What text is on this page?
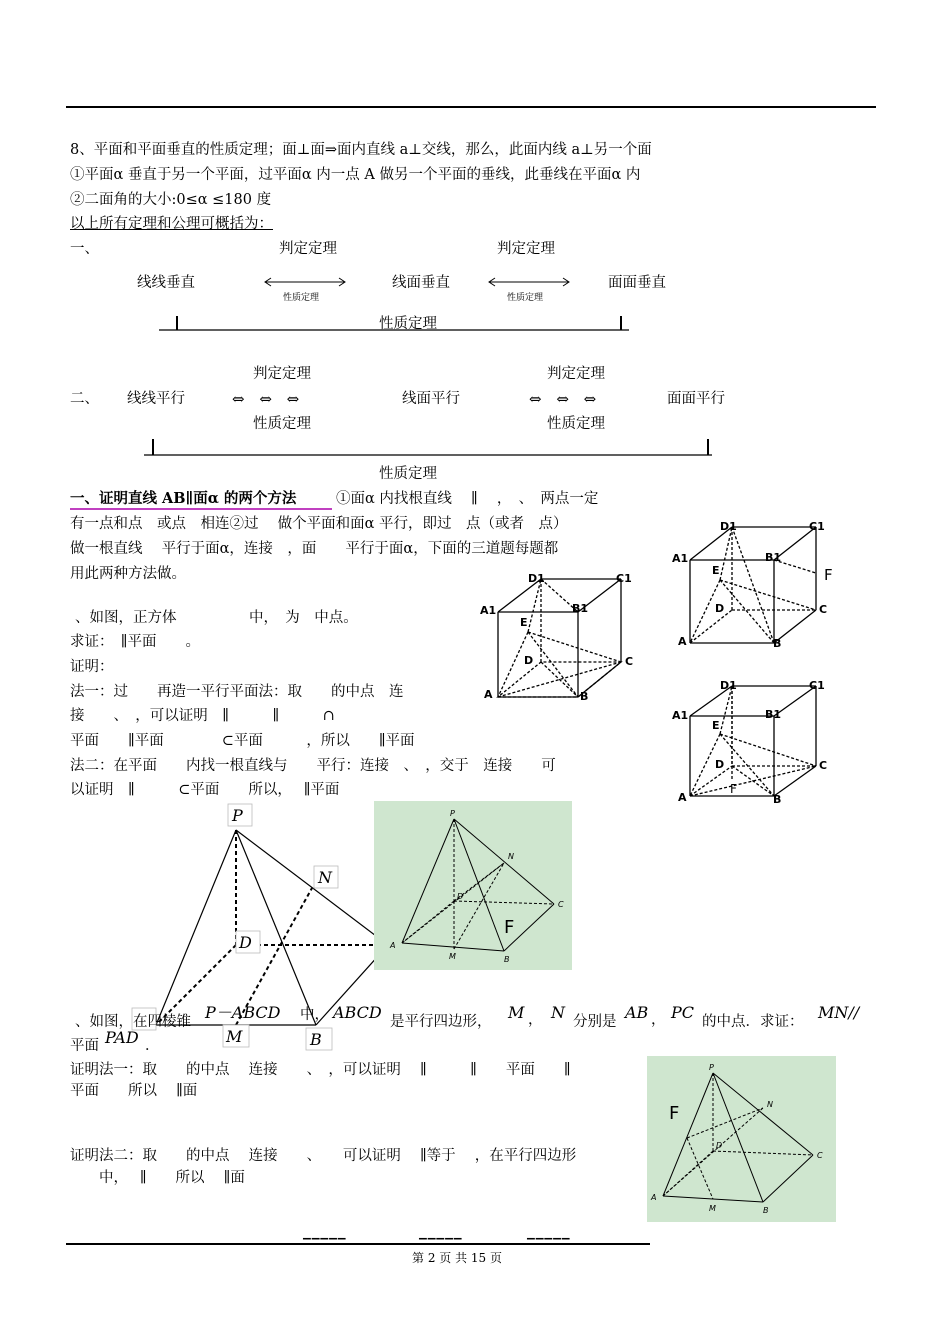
8、平面和平面垂直的性质定理；面⊥面⇒面内直线 a⊥交线，那么，此面内线 a⊥另一个面
①平面α 垂直于另一个平面，过平面α 内一点 A 做另一个平面的垂线，此垂线在平面α 内
②二面角的大小:0≤α ≤180 度
以上所有定理和公理可概括为：
一、	判定定理	判定定理
线线垂直	线面垂直	面面垂直
性质定理	性质定理
性质定理
判定定理	判定定理
二、 线线平行	⇔ ⇔ ⇔	线面平行	⇔ ⇔ ⇔	面面平行
性质定理	性质定理
性质定理
一、证明直线 AB∥面α 的两个方法	①面α 内找根直线　 ∥　 ，　、　两点一定
有一点和点　或点　相连②过　 做个平面和面α 平行，即过　点（或者　点）
做一根直线　 平行于面α，连接　，面　　平行于面α，下面的三道题每题都
用此两种方法做。
、如图，正方体　　　　　中，　为　中点。
求证：　∥平面　　。
证明：
法一：过　　再造一平行平面法：取　　的中点　连
接　　、　，可以证明　∥　　　∥　　　∩
平面　　∥平面　　　　⊂平面　　　，所以　　∥平面
法二：在平面　　内找一根直线与　　平行：连接　、　，交于　连接　　可
以证明　∥　　　⊂平面　　所以，　 ∥平面
D1	C1
A1	B1
E
D	C
A	B
D1	C1
A1	B1
E
D	C
A	B
F
D1	C1
A1	B1
E
D	C
A	B
F
P
N
D
M	B
P
N
D
M	B
A
C
F
、如图，在四棱锥 P－ABCD 中， ABCD 是平行四边形， M ， N 分别是 AB ， PC 的中点．求证： MN//
平面 PAD ．
证明法一：取　　的中点　 连接　　、　，可以证明　 ∥　　　∥　　平面　　∥
平面　　所以　 ∥面
证明法二：取　　的中点　 连接　　、　　可以证明　 ∥等于　 ，在平行四边形
　　中，　 ∥　　所以　 ∥面
P
N
D
M	B
A
C
F
▁▁▁▁▁	▁▁▁▁▁	▁▁▁▁▁
第 2 页 共 15 页
